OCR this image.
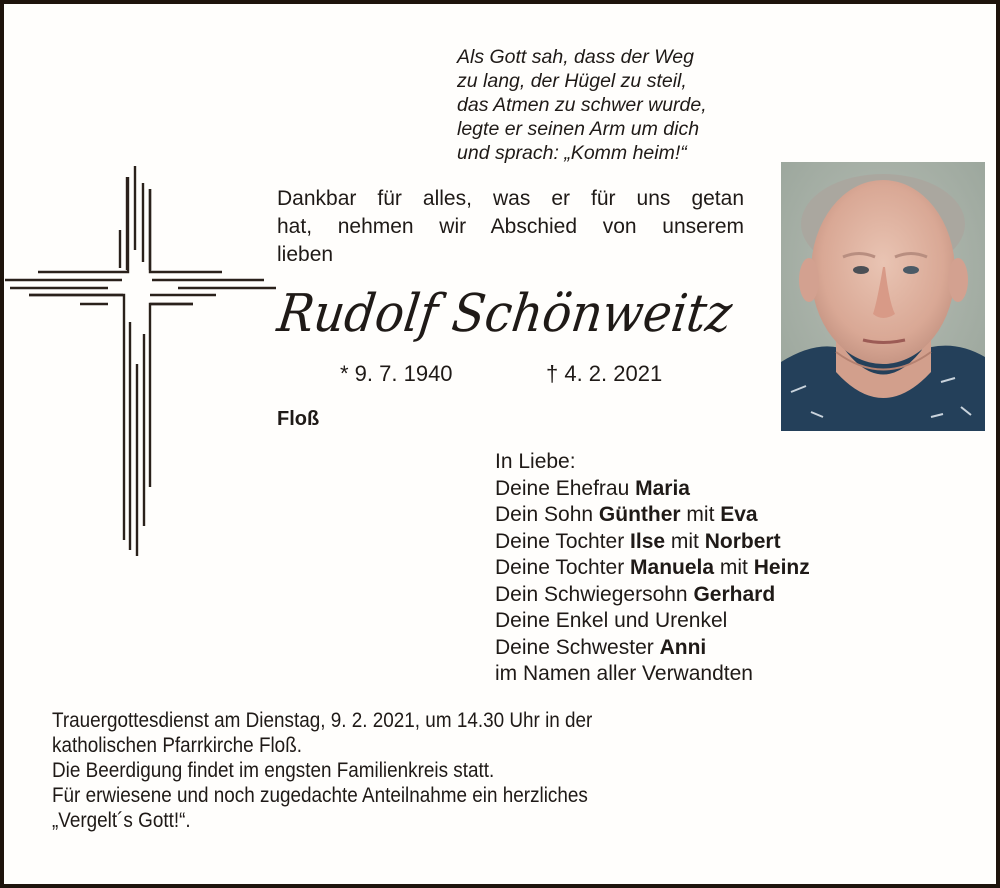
Als Gott sah, dass der Weg
zu lang, der Hügel zu steil,
das Atmen zu schwer wurde,
legte er seinen Arm um dich
und sprach: „Komm heim!“
Dankbar für alles, was er für uns getan
hat, nehmen wir Abschied von unserem
lieben
Rudolf Schönweitz
* 9. 7. 1940	† 4. 2. 2021
Floß
In Liebe:
Deine Ehefrau Maria
Dein Sohn Günther mit Eva
Deine Tochter Ilse mit Norbert
Deine Tochter Manuela mit Heinz
Dein Schwiegersohn Gerhard
Deine Enkel und Urenkel
Deine Schwester Anni
im Namen aller Verwandten
Trauergottesdienst am Dienstag, 9. 2. 2021, um 14.30 Uhr in der
katholischen Pfarrkirche Floß.
Die Beerdigung findet im engsten Familienkreis statt.
Für erwiesene und noch zugedachte Anteilnahme ein herzliches
„Vergelt´s Gott!“.
